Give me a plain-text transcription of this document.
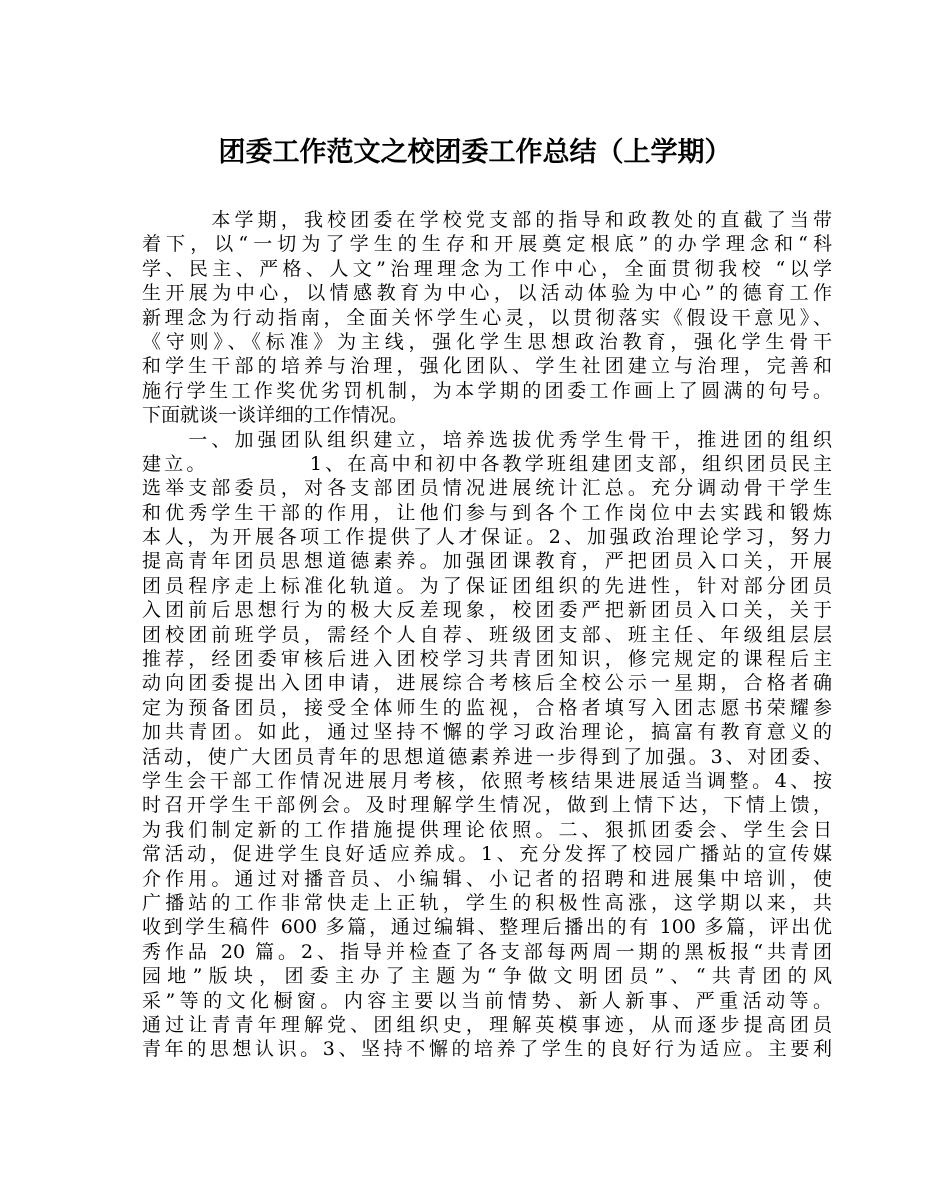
团委工作范文之校团委工作总结（上学期）
　　　本学期，我校团委在学校党支部的指导和政教处的直截了当带
着下，以“一切为了学生的生存和开展奠定根底”的办学理念和“科
学、民主、严格、人文”治理理念为工作中心，全面贯彻我校 “以学
生开展为中心，以情感教育为中心，以活动体验为中心”的德育工作
新理念为行动指南，全面关怀学生心灵，以贯彻落实《假设干意见》、
《守则》、《标准》为主线，强化学生思想政治教育，强化学生骨干
和学生干部的培养与治理，强化团队、学生社团建立与治理，完善和
施行学生工作奖优劣罚机制，为本学期的团委工作画上了圆满的句号。
下面就谈一谈详细的工作情况。
　　一、加强团队组织建立，培养选拔优秀学生骨干，推进团的组织
建立。　　　　　1、在高中和初中各教学班组建团支部，组织团员民主
选举支部委员，对各支部团员情况进展统计汇总。充分调动骨干学生
和优秀学生干部的作用，让他们参与到各个工作岗位中去实践和锻炼
本人，为开展各项工作提供了人才保证。2、加强政治理论学习，努力
提高青年团员思想道德素养。加强团课教育，严把团员入口关，开展
团员程序走上标准化轨道。为了保证团组织的先进性，针对部分团员
入团前后思想行为的极大反差现象，校团委严把新团员入口关，关于
团校团前班学员，需经个人自荐、班级团支部、班主任、年级组层层
推荐，经团委审核后进入团校学习共青团知识，修完规定的课程后主
动向团委提出入团申请，进展综合考核后全校公示一星期，合格者确
定为预备团员，接受全体师生的监视，合格者填写入团志愿书荣耀参
加共青团。如此，通过坚持不懈的学习政治理论，搞富有教育意义的
活动，使广大团员青年的思想道德素养进一步得到了加强。3、对团委、
学生会干部工作情况进展月考核，依照考核结果进展适当调整。4、按
时召开学生干部例会。及时理解学生情况，做到上情下达，下情上馈，
为我们制定新的工作措施提供理论依照。二、狠抓团委会、学生会日
常活动，促进学生良好适应养成。1、充分发挥了校园广播站的宣传媒
介作用。通过对播音员、小编辑、小记者的招聘和进展集中培训，使
广播站的工作非常快走上正轨，学生的积极性高涨，这学期以来，共
收到学生稿件 600 多篇，通过编辑、整理后播出的有 100 多篇，评出优
秀作品 20 篇。2、指导并检查了各支部每两周一期的黑板报“共青团
园地”版块，团委主办了主题为“争做文明团员”、“共青团的风
采”等的文化橱窗。内容主要以当前情势、新人新事、严重活动等。
通过让青青年理解党、团组织史，理解英模事迹，从而逐步提高团员
青年的思想认识。3、坚持不懈的培养了学生的良好行为适应。主要利
